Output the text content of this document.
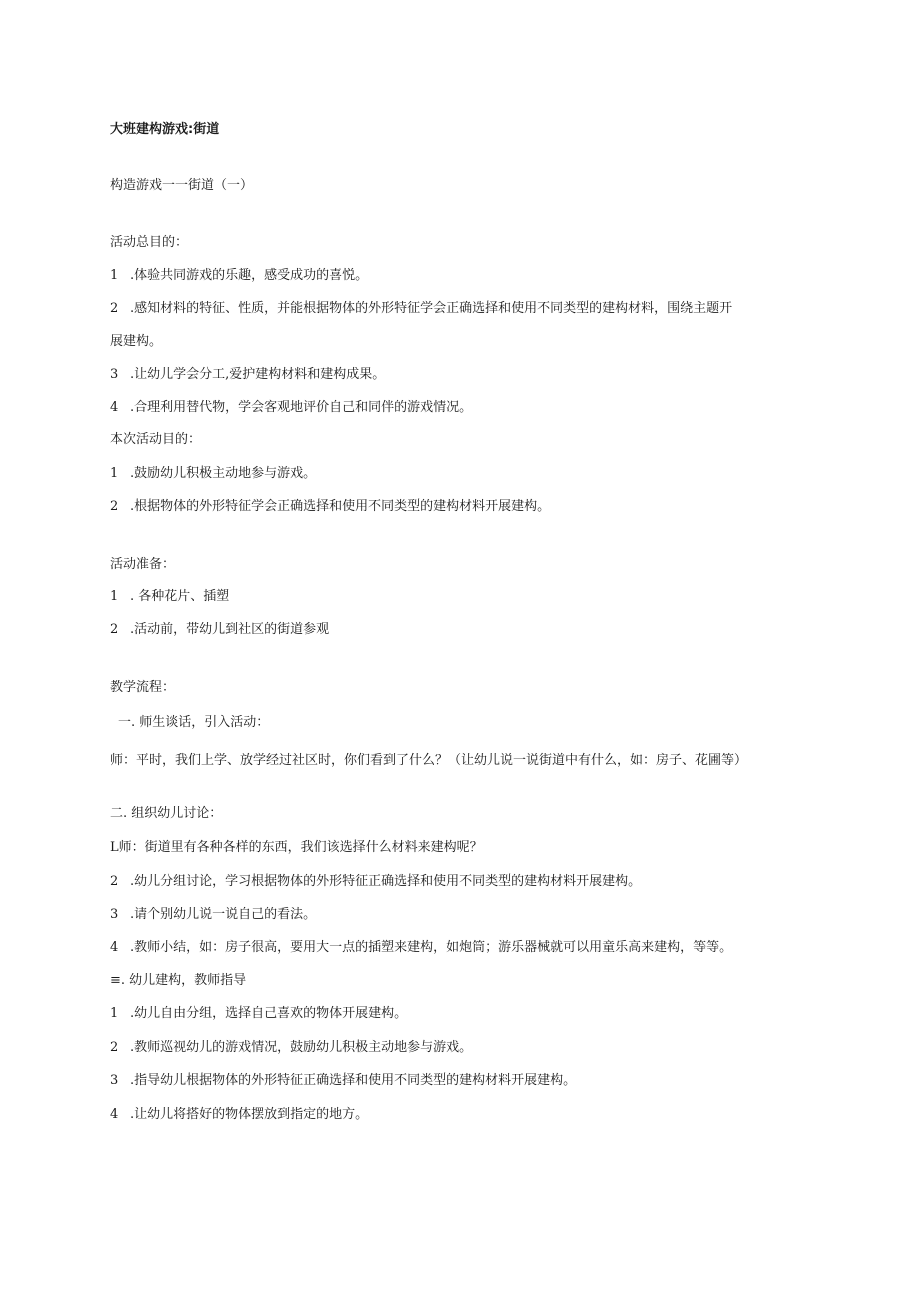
大班建构游戏:街道
构造游戏一一街道（一）
活动总目的：
1 .体验共同游戏的乐趣，感受成功的喜悦。
2 .感知材料的特征、性质，并能根据物体的外形特征学会正确选择和使用不同类型的建构材料，围绕主题开
展建构。
3 .让幼儿学会分工,爱护建构材料和建构成果。
4 .合理利用替代物，学会客观地评价自己和同伴的游戏情况。
本次活动目的：
1 .鼓励幼儿积极主动地参与游戏。
2 .根据物体的外形特征学会正确选择和使用不同类型的建构材料开展建构。
活动准备：
1 . 各种花片、插塑
2 .活动前，带幼儿到社区的街道参观
教学流程：
一. 师生谈话，引入活动：
师：平时，我们上学、放学经过社区时，你们看到了什么？（让幼儿说一说街道中有什么，如：房子、花圃等）
二. 组织幼儿讨论：
L师：街道里有各种各样的东西，我们该选择什么材料来建构呢？
2 .幼儿分组讨论，学习根据物体的外形特征正确选择和使用不同类型的建构材料开展建构。
3 .请个别幼儿说一说自己的看法。
4 .教师小结，如：房子很高，要用大一点的插塑来建构，如炮筒；游乐器械就可以用童乐高来建构，等等。
≡. 幼儿建构，教师指导
1 .幼儿自由分组，选择自己喜欢的物体开展建构。
2 .教师巡视幼儿的游戏情况，鼓励幼儿积极主动地参与游戏。
3 .指导幼儿根据物体的外形特征正确选择和使用不同类型的建构材料开展建构。
4 .让幼儿将搭好的物体摆放到指定的地方。
